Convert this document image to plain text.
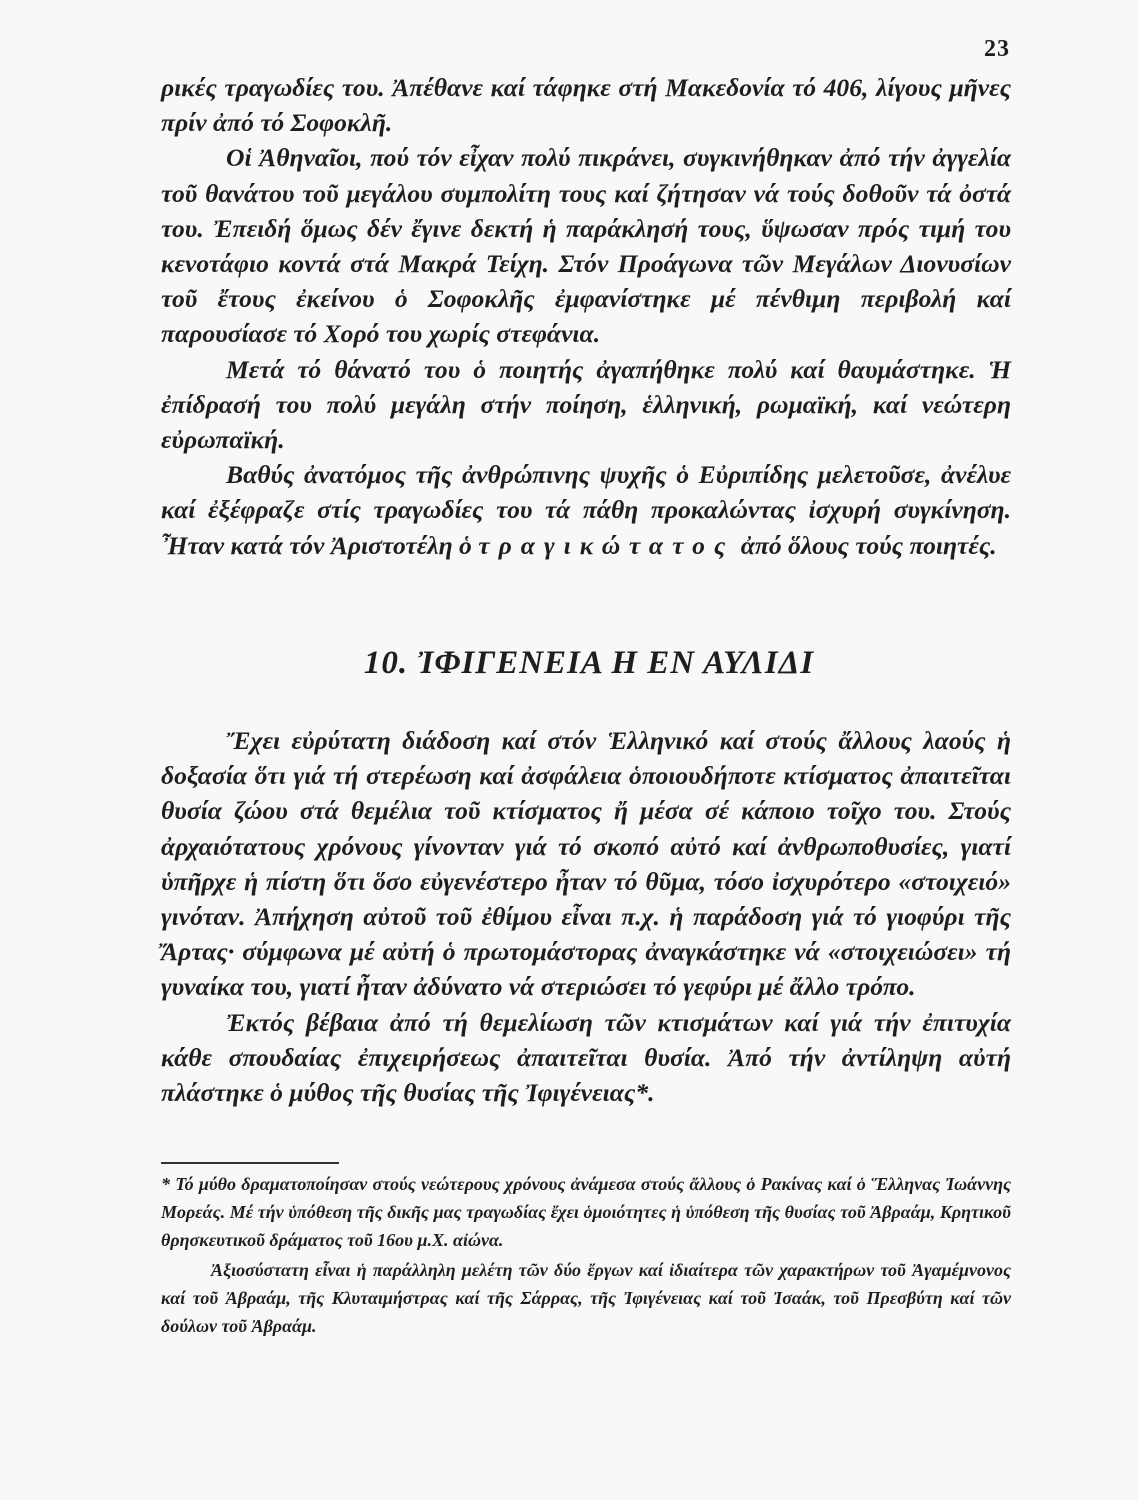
23

ρικές τραγωδίες του. Ἀπέθανε καί τάφηκε στή Μακεδονία τό 406, λίγους μῆνες πρίν ἀπό τό Σοφοκλῆ.

Οἱ Ἀθηναῖοι, πού τόν εἶχαν πολύ πικράνει, συγκινήθηκαν ἀπό τήν ἀγγελία τοῦ θανάτου τοῦ μεγάλου συμπολίτη τους καί ζήτησαν νά τούς δοθοῦν τά ὀστά του. Ἐπειδή ὅμως δέν ἔγινε δεκτή ἡ παράκλησή τους, ὕψωσαν πρός τιμή του κενοτάφιο κοντά στά Μακρά Τείχη. Στόν Προάγωνα τῶν Μεγάλων Διονυσίων τοῦ ἔτους ἐκείνου ὁ Σοφοκλῆς ἐμφανίστηκε μέ πένθιμη περιβολή καί παρουσίασε τό Χορό του χωρίς στεφάνια.

Μετά τό θάνατό του ὁ ποιητής ἀγαπήθηκε πολύ καί θαυμάστηκε. Ἡ ἐπίδρασή του πολύ μεγάλη στήν ποίηση, ἑλληνική, ρωμαϊκή, καί νεώτερη εὐρωπαϊκή.

Βαθύς ἀνατόμος τῆς ἀνθρώπινης ψυχῆς ὁ Εὐριπίδης μελετοῦσε, ἀνέλυε καί ἐξέφραζε στίς τραγωδίες του τά πάθη προκαλώντας ἰσχυρή συγκίνηση. Ἦταν κατά τόν Ἀριστοτέλη ὁ τραγικώτατος ἀπό ὅλους τούς ποιητές.

10. ἸΦΙΓΕΝΕΙΑ Η ΕΝ ΑΥΛΙΔΙ

Ἔχει εὐρύτατη διάδοση καί στόν Ἑλληνικό καί στούς ἄλλους λαούς ἡ δοξασία ὅτι γιά τή στερέωση καί ἀσφάλεια ὁποιουδήποτε κτίσματος ἀπαιτεῖται θυσία ζώου στά θεμέλια τοῦ κτίσματος ἤ μέσα σέ κάποιο τοῖχο του. Στούς ἀρχαιότατους χρόνους γίνονταν γιά τό σκοπό αὐτό καί ἀνθρωποθυσίες, γιατί ὑπῆρχε ἡ πίστη ὅτι ὅσο εὐγενέστερο ἦταν τό θῦμα, τόσο ἰσχυρότερο «στοιχειό» γινόταν. Ἀπήχηση αὐτοῦ τοῦ ἐθίμου εἶναι π.χ. ἡ παράδοση γιά τό γιοφύρι τῆς Ἄρτας· σύμφωνα μέ αὐτή ὁ πρωτομάστορας ἀναγκάστηκε νά «στοιχειώσει» τή γυναίκα του, γιατί ἦταν ἀδύνατο νά στεριώσει τό γεφύρι μέ ἄλλο τρόπο.

Ἐκτός βέβαια ἀπό τή θεμελίωση τῶν κτισμάτων καί γιά τήν ἐπιτυχία κάθε σπουδαίας ἐπιχειρήσεως ἀπαιτεῖται θυσία. Ἀπό τήν ἀντίληψη αὐτή πλάστηκε ὁ μύθος τῆς θυσίας τῆς Ἰφιγένειας*.

* Τό μύθο δραματοποίησαν στούς νεώτερους χρόνους ἀνάμεσα στούς ἄλλους ὁ Ρακίνας καί ὁ Ἕλληνας Ἰωάννης Μορεάς. Μέ τήν ὑπόθεση τῆς δικῆς μας τραγωδίας ἔχει ὁμοιότητες ἡ ὑπόθεση τῆς θυσίας τοῦ Ἀβραάμ, Κρητικοῦ θρησκευτικοῦ δράματος τοῦ 16ου μ.Χ. αἰώνα.

Ἀξιοσύστατη εἶναι ἡ παράλληλη μελέτη τῶν δύο ἔργων καί ἰδιαίτερα τῶν χαρακτήρων τοῦ Ἀγαμέμνονος καί τοῦ Ἀβραάμ, τῆς Κλυταιμήστρας καί τῆς Σάρρας, τῆς Ἰφιγένειας καί τοῦ Ἰσαάκ, τοῦ Πρεσβύτη καί τῶν δούλων τοῦ Ἀβραάμ.
